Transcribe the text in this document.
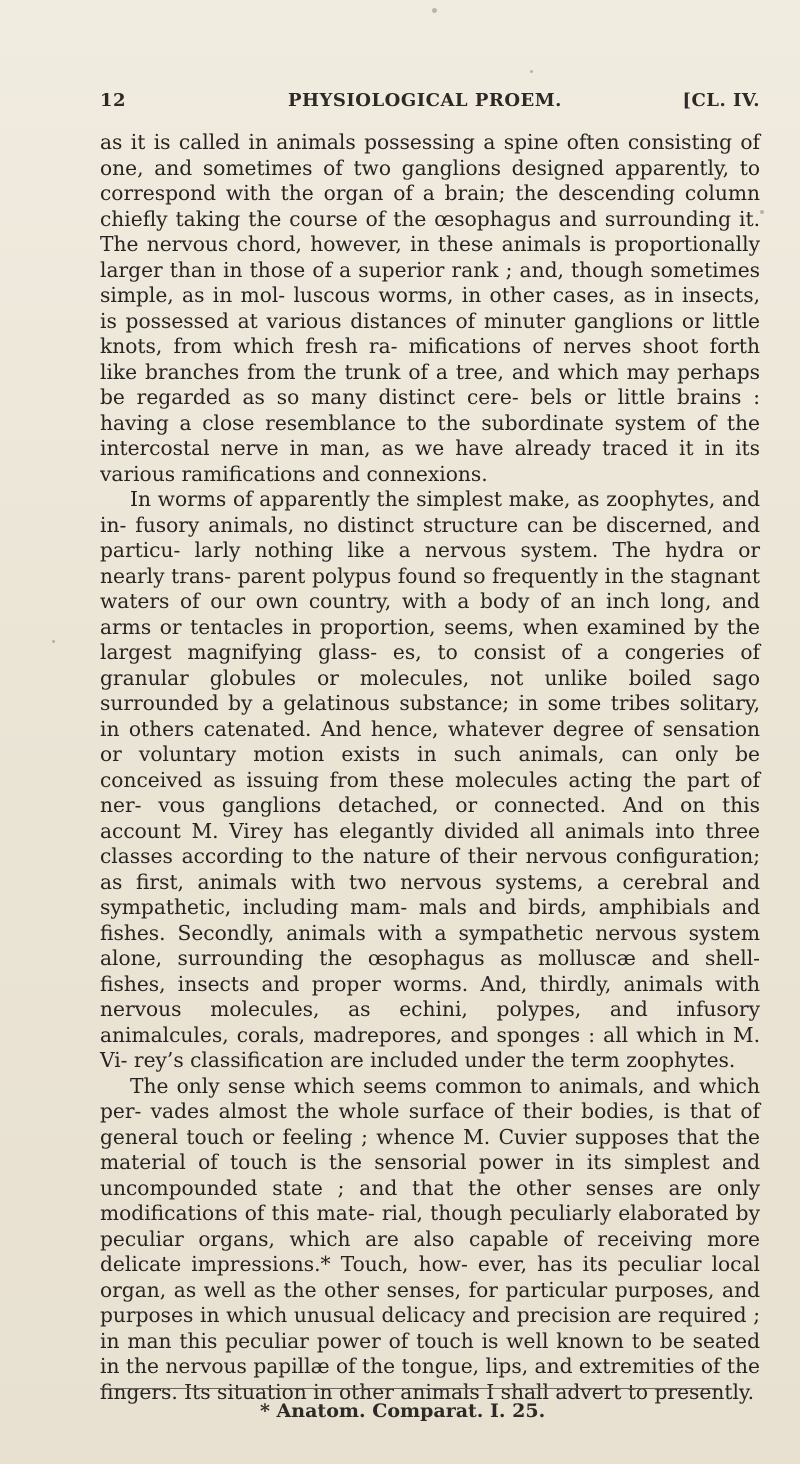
12	PHYSIOLOGICAL PROEM.	[CL. IV.

as it is called in animals possessing a spine often consisting of one, and sometimes of two ganglions designed apparently, to correspond with the organ of a brain; the descending column chiefly taking the course of the œsophagus and surrounding it. The nervous chord, however, in these animals is proportionally larger than in those of a superior rank ; and, though sometimes simple, as in mol- luscous worms, in other cases, as in insects, is possessed at various distances of minuter ganglions or little knots, from which fresh ra- mifications of nerves shoot forth like branches from the trunk of a tree, and which may perhaps be regarded as so many distinct cere- bels or little brains : having a close resemblance to the subordinate system of the intercostal nerve in man, as we have already traced it in its various ramifications and connexions.

In worms of apparently the simplest make, as zoophytes, and in- fusory animals, no distinct structure can be discerned, and particu- larly nothing like a nervous system. The hydra or nearly trans- parent polypus found so frequently in the stagnant waters of our own country, with a body of an inch long, and arms or tentacles in proportion, seems, when examined by the largest magnifying glass- es, to consist of a congeries of granular globules or molecules, not unlike boiled sago surrounded by a gelatinous substance; in some tribes solitary, in others catenated. And hence, whatever degree of sensation or voluntary motion exists in such animals, can only be conceived as issuing from these molecules acting the part of ner- vous ganglions detached, or connected. And on this account M. Virey has elegantly divided all animals into three classes according to the nature of their nervous configuration; as first, animals with two nervous systems, a cerebral and sympathetic, including mam- mals and birds, amphibials and fishes. Secondly, animals with a sympathetic nervous system alone, surrounding the œsophagus as molluscæ and shell-fishes, insects and proper worms. And, thirdly, animals with nervous molecules, as echini, polypes, and infusory animalcules, corals, madrepores, and sponges : all which in M. Vi- rey’s classification are included under the term zoophytes.

The only sense which seems common to animals, and which per- vades almost the whole surface of their bodies, is that of general touch or feeling ; whence M. Cuvier supposes that the material of touch is the sensorial power in its simplest and uncompounded state ; and that the other senses are only modifications of this mate- rial, though peculiarly elaborated by peculiar organs, which are also capable of receiving more delicate impressions.* Touch, how- ever, has its peculiar local organ, as well as the other senses, for particular purposes, and purposes in which unusual delicacy and precision are required ; in man this peculiar power of touch is well known to be seated in the nervous papillæ of the tongue, lips, and extremities of the fingers. Its situation in other animals I shall advert to presently.

* Anatom. Comparat. I. 25.
